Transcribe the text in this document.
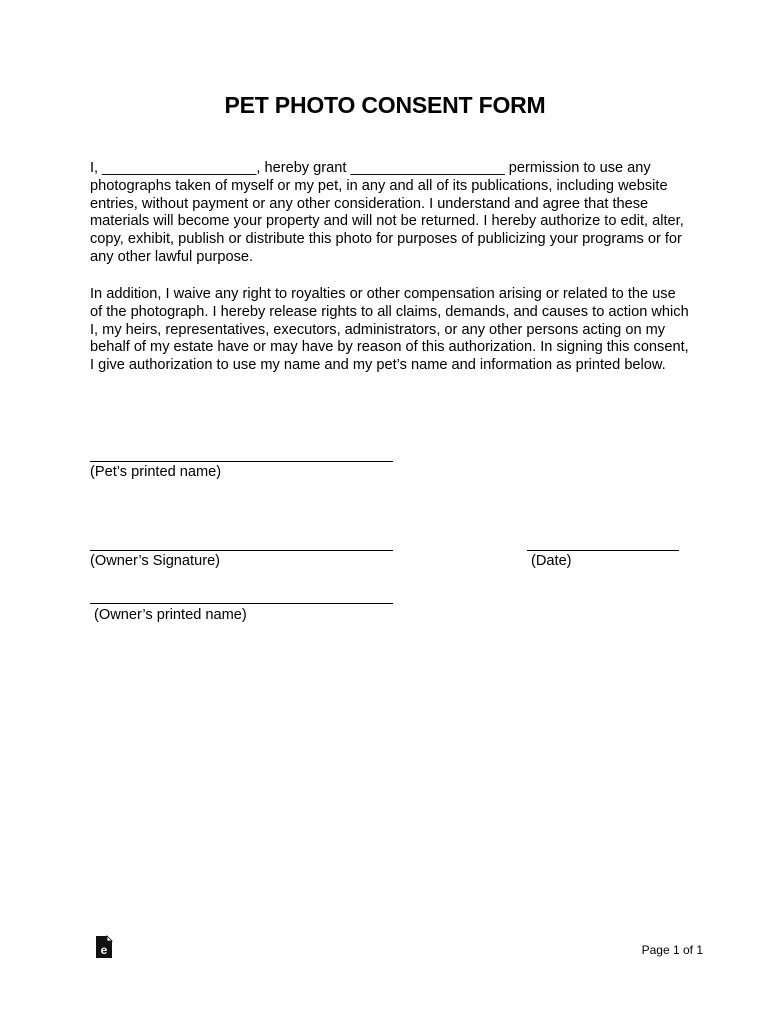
PET PHOTO CONSENT FORM

I, ___________________, hereby grant ___________________ permission to use any photographs taken of myself or my pet, in any and all of its publications, including website entries, without payment or any other consideration. I understand and agree that these materials will become your property and will not be returned. I hereby authorize to edit, alter, copy, exhibit, publish or distribute this photo for purposes of publicizing your programs or for any other lawful purpose.

In addition, I waive any right to royalties or other compensation arising or related to the use of the photograph. I hereby release rights to all claims, demands, and causes to action which I, my heirs, representatives, executors, administrators, or any other persons acting on my behalf of my estate have or may have by reason of this authorization. In signing this consent, I give authorization to use my name and my pet’s name and information as printed below.

(Pet’s printed name)
(Owner’s Signature)	(Date)
(Owner’s printed name)
e	Page 1 of 1
